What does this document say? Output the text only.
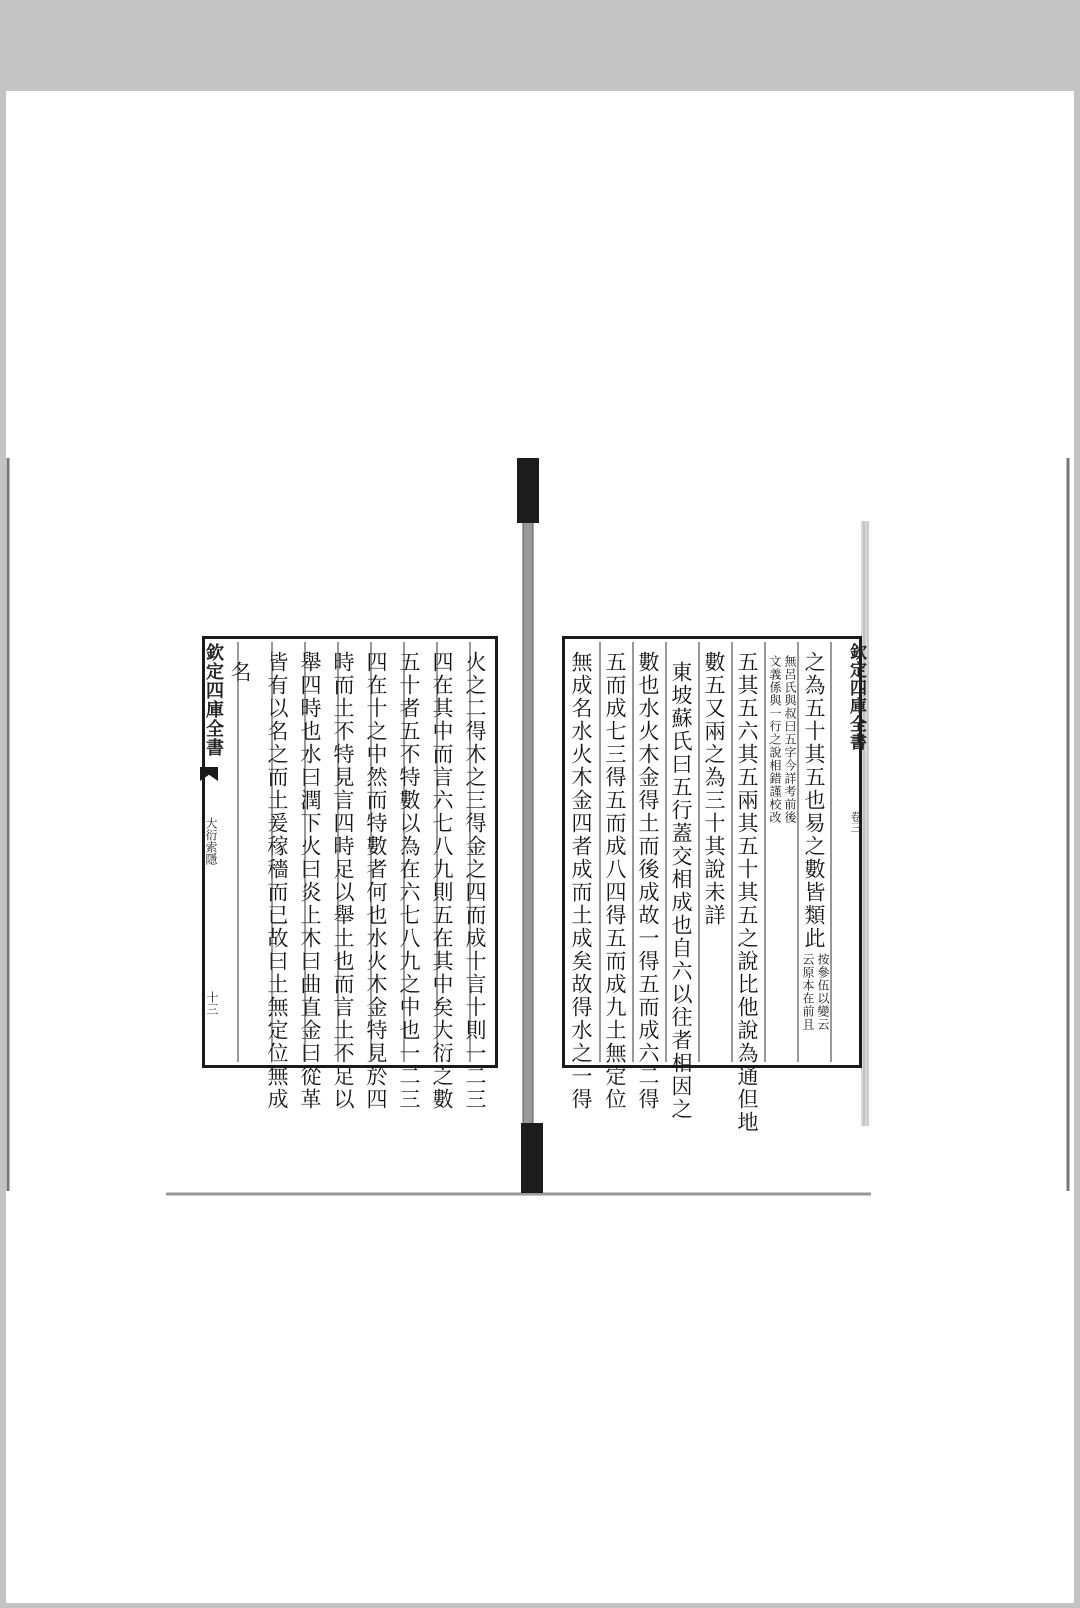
火之二得木之三得金之四而成十言十則一二三
四在其中而言六七八九則五在其中矣大衍之數
五十者五不特數以為在六七八九之中也一二三
四在十之中然而特數者何也水火木金特見於四
時而土不特見言四時足以舉土也而言土不足以
舉四時也水曰潤下火曰炎上木曰曲直金曰從革
皆有以名之而土爰稼穡而已故曰土無定位無成
名
欽定四庫全書
大衍索隱
十三
之為五十其五也易之數皆類此
按參伍以變云
云原本在前且
無呂氏與叔曰五字今詳考前後
文義係與一行之說相錯謹校改
五其五六其五兩其五十其五之說比他說為通但地
數五又兩之為三十其說未詳
東坡蘇氏曰五行蓋交相成也自六以往者相因之
數也水火木金得土而後成故一得五而成六二得
五而成七三得五而成八四得五而成九土無定位
無成名水火木金四者成而土成矣故得水之一得	欽定四庫全書
卷三
